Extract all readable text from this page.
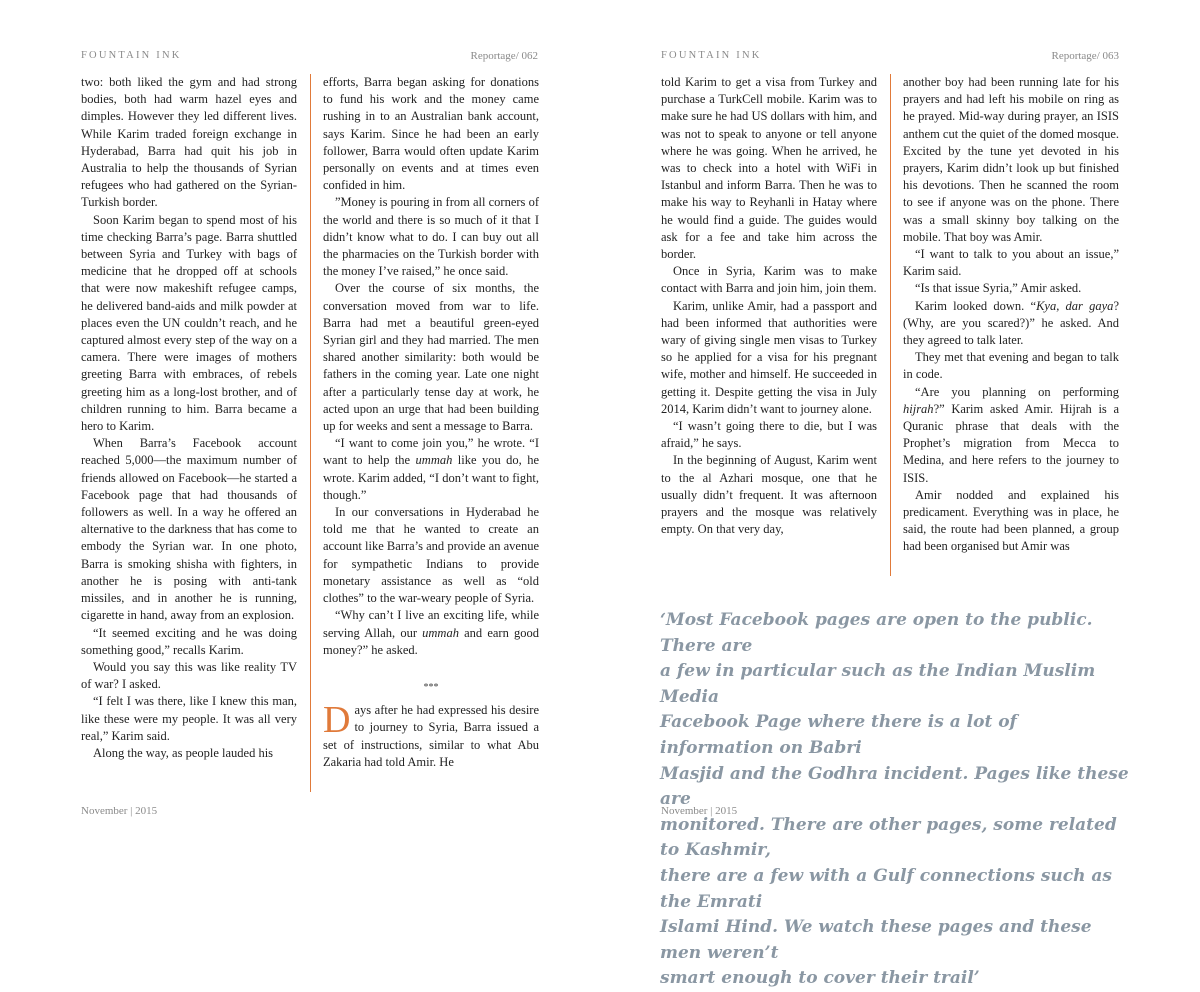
FOUNTAIN INK	Reportage/ 062

two: both liked the gym and had strong bodies, both had warm hazel eyes and dimples. However they led different lives. While Karim traded foreign exchange in Hyderabad, Barra had quit his job in Australia to help the thousands of Syrian refugees who had gathered on the Syrian-Turkish border.

Soon Karim began to spend most of his time checking Barra’s page. Barra shuttled between Syria and Turkey with bags of medicine that he dropped off at schools that were now makeshift refugee camps, he delivered band-aids and milk powder at places even the UN couldn’t reach, and he captured almost every step of the way on a camera. There were images of mothers greeting Barra with embraces, of rebels greeting him as a long-lost brother, and of children running to him. Barra became a hero to Karim.

When Barra’s Facebook account reached 5,000—the maximum number of friends allowed on Facebook—he started a Facebook page that had thousands of followers as well. In a way he offered an alternative to the darkness that has come to embody the Syrian war. In one photo, Barra is smoking shisha with fighters, in another he is posing with anti-tank missiles, and in another he is running, cigarette in hand, away from an explosion.

“It seemed exciting and he was doing something good,” recalls Karim.

Would you say this was like reality TV of war? I asked.

“I felt I was there, like I knew this man, like these were my people. It was all very real,” Karim said.

Along the way, as people lauded his

efforts, Barra began asking for donations to fund his work and the money came rushing in to an Australian bank account, says Karim. Since he had been an early follower, Barra would often update Karim personally on events and at times even confided in him.

”Money is pouring in from all corners of the world and there is so much of it that I didn’t know what to do. I can buy out all the pharmacies on the Turkish border with the money I’ve raised,” he once said.

Over the course of six months, the conversation moved from war to life. Barra had met a beautiful green-eyed Syrian girl and they had married. The men shared another similarity: both would be fathers in the coming year. Late one night after a particularly tense day at work, he acted upon an urge that had been building up for weeks and sent a message to Barra.

“I want to come join you,” he wrote. “I want to help the ummah like you do, he wrote. Karim added, “I don’t want to fight, though.”

In our conversations in Hyderabad he told me that he wanted to create an account like Barra’s and provide an avenue for sympathetic Indians to provide monetary assistance as well as “old clothes” to the war-weary people of Syria.

“Why can’t I live an exciting life, while serving Allah, our ummah and earn good money?” he asked.

***

Days after he had expressed his desire to journey to Syria, Barra issued a set of instructions, similar to what Abu Zakaria had told Amir. He

November | 2015
FOUNTAIN INK	Reportage/ 063

told Karim to get a visa from Turkey and purchase a TurkCell mobile. Karim was to make sure he had US dollars with him, and was not to speak to anyone or tell anyone where he was going. When he arrived, he was to check into a hotel with WiFi in Istanbul and inform Barra. Then he was to make his way to Reyhanli in Hatay where he would find a guide. The guides would ask for a fee and take him across the border.

Once in Syria, Karim was to make contact with Barra and join him, join them.

Karim, unlike Amir, had a passport and had been informed that authorities were wary of giving single men visas to Turkey so he applied for a visa for his pregnant wife, mother and himself. He succeeded in getting it. Despite getting the visa in July 2014, Karim didn’t want to journey alone.

“I wasn’t going there to die, but I was afraid,” he says.

In the beginning of August, Karim went to the al Azhari mosque, one that he usually didn’t frequent. It was afternoon prayers and the mosque was relatively empty. On that very day,

another boy had been running late for his prayers and had left his mobile on ring as he prayed. Mid-way during prayer, an ISIS anthem cut the quiet of the domed mosque. Excited by the tune yet devoted in his prayers, Karim didn’t look up but finished his devotions. Then he scanned the room to see if anyone was on the phone. There was a small skinny boy talking on the mobile. That boy was Amir.

“I want to talk to you about an issue,” Karim said.

“Is that issue Syria,” Amir asked.

Karim looked down. “Kya, dar gaya? (Why, are you scared?)” he asked. And they agreed to talk later.

They met that evening and began to talk in code.

“Are you planning on performing hijrah?” Karim asked Amir. Hijrah is a Quranic phrase that deals with the Prophet’s migration from Mecca to Medina, and here refers to the journey to ISIS.

Amir nodded and explained his predicament. Everything was in place, he said, the route had been planned, a group had been organised but Amir was

November | 2015
‘Most Facebook pages are open to the public. There are
a few in particular such as the Indian Muslim Media
Facebook Page where there is a lot of information on Babri
Masjid and the Godhra incident. Pages like these are
monitored. There are other pages, some related to Kashmir,
there are a few with a Gulf connections such as the Emrati
Islami Hind. We watch these pages and these men weren’t
smart enough to cover their trail’
